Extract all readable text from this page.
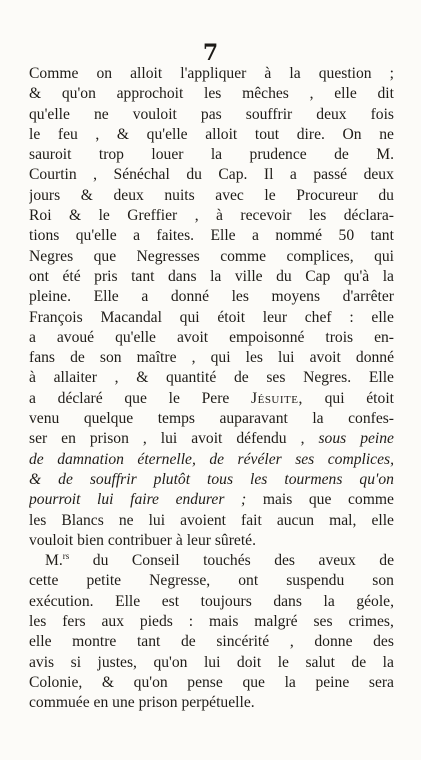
7
Comme on alloit l'appliquer à la question ;
& qu'on approchoit les mêches , elle dit
qu'elle ne vouloit pas souffrir deux fois
le feu , & qu'elle alloit tout dire. On ne
sauroit trop louer la prudence de M.
Courtin , Sénéchal du Cap. Il a passé deux
jours & deux nuits avec le Procureur du
Roi & le Greffier , à recevoir les déclara-
tions qu'elle a faites. Elle a nommé 50 tant
Negres que Negresses comme complices, qui
ont été pris tant dans la ville du Cap qu'à la
pleine. Elle a donné les moyens d'arrêter
François Macandal qui étoit leur chef : elle
a avoué qu'elle avoit empoisonné trois en-
fans de son maître , qui les lui avoit donné
à allaiter , & quantité de ses Negres. Elle
a déclaré que le Pere Jésuite, qui étoit
venu quelque temps auparavant la confes-
ser en prison , lui avoit défendu , sous peine
de damnation éternelle, de révéler ses complices,
& de souffrir plutôt tous les tourmens qu'on
pourroit lui faire endurer ; mais que comme
les Blancs ne lui avoient fait aucun mal, elle
vouloit bien contribuer à leur sûreté.
M.$^{rs}$ du Conseil touchés des aveux de
cette petite Negresse, ont suspendu son
exécution. Elle est toujours dans la géole,
les fers aux pieds : mais malgré ses crimes,
elle montre tant de sincérité , donne des
avis si justes, qu'on lui doit le salut de la
Colonie, & qu'on pense que la peine sera
commuée en une prison perpétuelle.
